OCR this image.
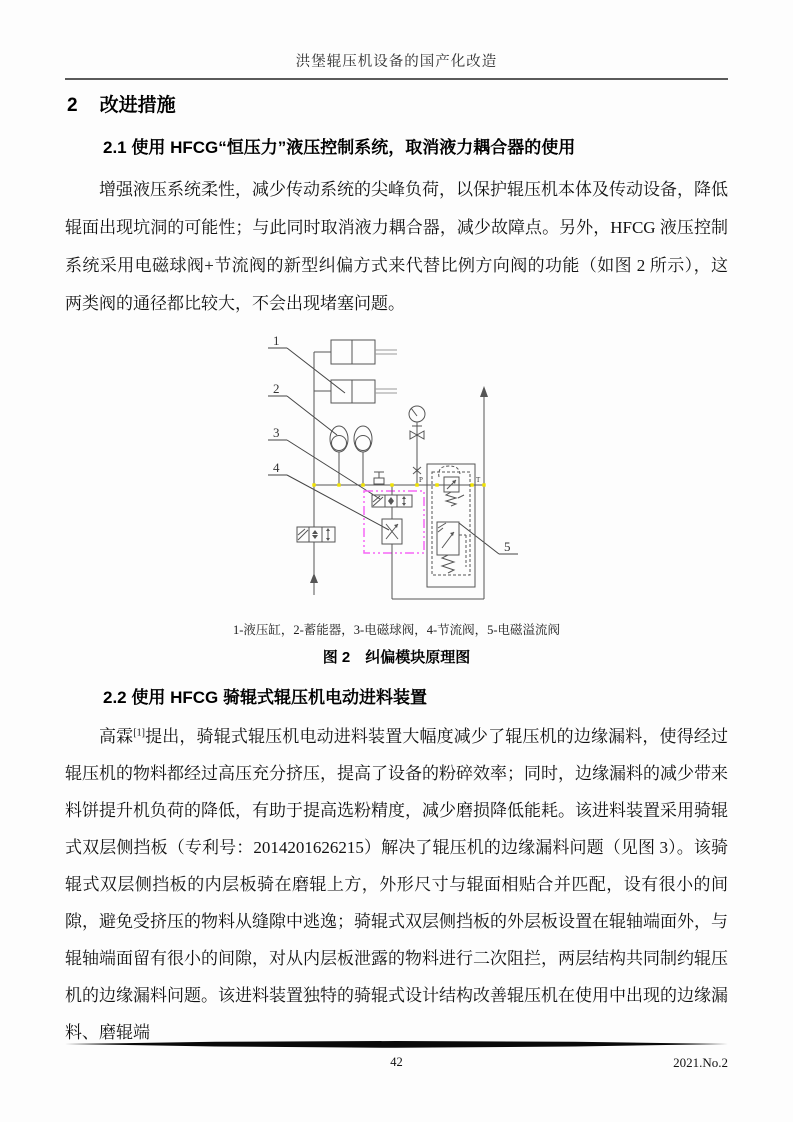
洪堡辊压机设备的国产化改造
2 改进措施
2.1 使用 HFCG“恒压力”液压控制系统，取消液力耦合器的使用

增强液压系统柔性，减少传动系统的尖峰负荷，以保护辊压机本体及传动设备，降低辊面出现坑洞的可能性；与此同时取消液力耦合器，减少故障点。另外，HFCG 液压控制系统采用电磁球阀+节流阀的新型纠偏方式来代替比例方向阀的功能（如图 2 所示），这两类阀的通径都比较大，不会出现堵塞问题。

1
2
3
4
5
P	T
1-液压缸，2-蓄能器，3-电磁球阀，4-节流阀，5-电磁溢流阀
图 2　纠偏模块原理图
2.2 使用 HFCG 骑辊式辊压机电动进料装置

高霖[1]提出，骑辊式辊压机电动进料装置大幅度减少了辊压机的边缘漏料，使得经过辊压机的物料都经过高压充分挤压，提高了设备的粉碎效率；同时，边缘漏料的减少带来料饼提升机负荷的降低，有助于提高选粉精度，减少磨损降低能耗。该进料装置采用骑辊式双层侧挡板（专利号：2014201626215）解决了辊压机的边缘漏料问题（见图 3）。该骑辊式双层侧挡板的内层板骑在磨辊上方，外形尺寸与辊面相贴合并匹配，设有很小的间隙，避免受挤压的物料从缝隙中逃逸；骑辊式双层侧挡板的外层板设置在辊轴端面外，与辊轴端面留有很小的间隙，对从内层板泄露的物料进行二次阻拦，两层结构共同制约辊压机的边缘漏料问题。该进料装置独特的骑辊式设计结构改善辊压机在使用中出现的边缘漏料、磨辊端

42	2021.No.2
